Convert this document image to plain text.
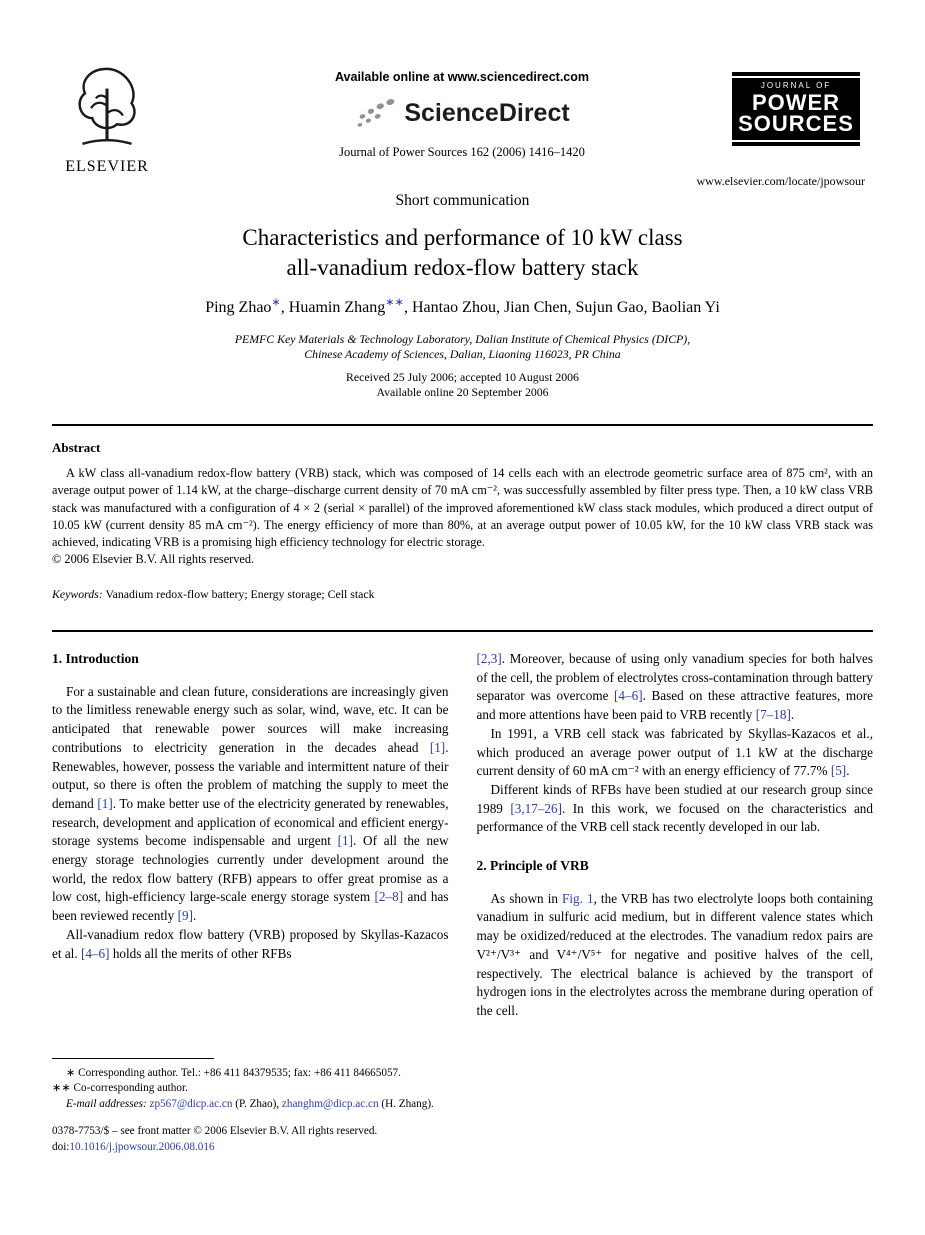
ELSEVIER
Available online at www.sciencedirect.com
ScienceDirect
Journal of Power Sources 162 (2006) 1416–1420
JOURNAL OF
POWER
SOURCES
www.elsevier.com/locate/jpowsour
Short communication
Characteristics and performance of 10 kW class
all-vanadium redox-flow battery stack
Ping Zhao∗, Huamin Zhang∗∗, Hantao Zhou, Jian Chen, Sujun Gao, Baolian Yi
PEMFC Key Materials & Technology Laboratory, Dalian Institute of Chemical Physics (DICP),
Chinese Academy of Sciences, Dalian, Liaoning 116023, PR China
Received 25 July 2006; accepted 10 August 2006
Available online 20 September 2006
Abstract

A kW class all-vanadium redox-flow battery (VRB) stack, which was composed of 14 cells each with an electrode geometric surface area of 875 cm², with an average output power of 1.14 kW, at the charge–discharge current density of 70 mA cm⁻², was successfully assembled by filter press type. Then, a 10 kW class VRB stack was manufactured with a configuration of 4 × 2 (serial × parallel) of the improved aforementioned kW class stack modules, which produced a direct output of 10.05 kW (current density 85 mA cm⁻²). The energy efficiency of more than 80%, at an average output power of 10.05 kW, for the 10 kW class VRB stack was achieved, indicating VRB is a promising high efficiency technology for electric storage.

© 2006 Elsevier B.V. All rights reserved.

Keywords: Vanadium redox-flow battery; Energy storage; Cell stack
1. Introduction

For a sustainable and clean future, considerations are increasingly given to the limitless renewable energy such as solar, wind, wave, etc. It can be anticipated that renewable power sources will make increasing contributions to electricity generation in the decades ahead [1]. Renewables, however, possess the variable and intermittent nature of their output, so there is often the problem of matching the supply to meet the demand [1]. To make better use of the electricity generated by renewables, research, development and application of economical and efficient energy-storage systems become indispensable and urgent [1]. Of all the new energy storage technologies currently under development around the world, the redox flow battery (RFB) appears to offer great promise as a low cost, high-efficiency large-scale energy storage system [2–8] and has been reviewed recently [9].

All-vanadium redox flow battery (VRB) proposed by Skyllas-Kazacos et al. [4–6] holds all the merits of other RFBs

∗ Corresponding author. Tel.: +86 411 84379535; fax: +86 411 84665057.

∗∗ Co-corresponding author.

E-mail addresses: zp567@dicp.ac.cn (P. Zhao), zhanghm@dicp.ac.cn (H. Zhang).

0378-7753/$ – see front matter © 2006 Elsevier B.V. All rights reserved.

doi:10.1016/j.jpowsour.2006.08.016

[2,3]. Moreover, because of using only vanadium species for both halves of the cell, the problem of electrolytes cross-contamination through battery separator was overcome [4–6]. Based on these attractive features, more and more attentions have been paid to VRB recently [7–18].

In 1991, a VRB cell stack was fabricated by Skyllas-Kazacos et al., which produced an average power output of 1.1 kW at the discharge current density of 60 mA cm⁻² with an energy efficiency of 77.7% [5].

Different kinds of RFBs have been studied at our research group since 1989 [3,17–26]. In this work, we focused on the characteristics and performance of the VRB cell stack recently developed in our lab.

2. Principle of VRB

As shown in Fig. 1, the VRB has two electrolyte loops both containing vanadium in sulfuric acid medium, but in different valence states which may be oxidized/reduced at the electrodes. The vanadium redox pairs are V²⁺/V³⁺ and V⁴⁺/V⁵⁺ for negative and positive halves of the cell, respectively. The electrical balance is achieved by the transport of hydrogen ions in the electrolytes across the membrane during operation of the cell.
